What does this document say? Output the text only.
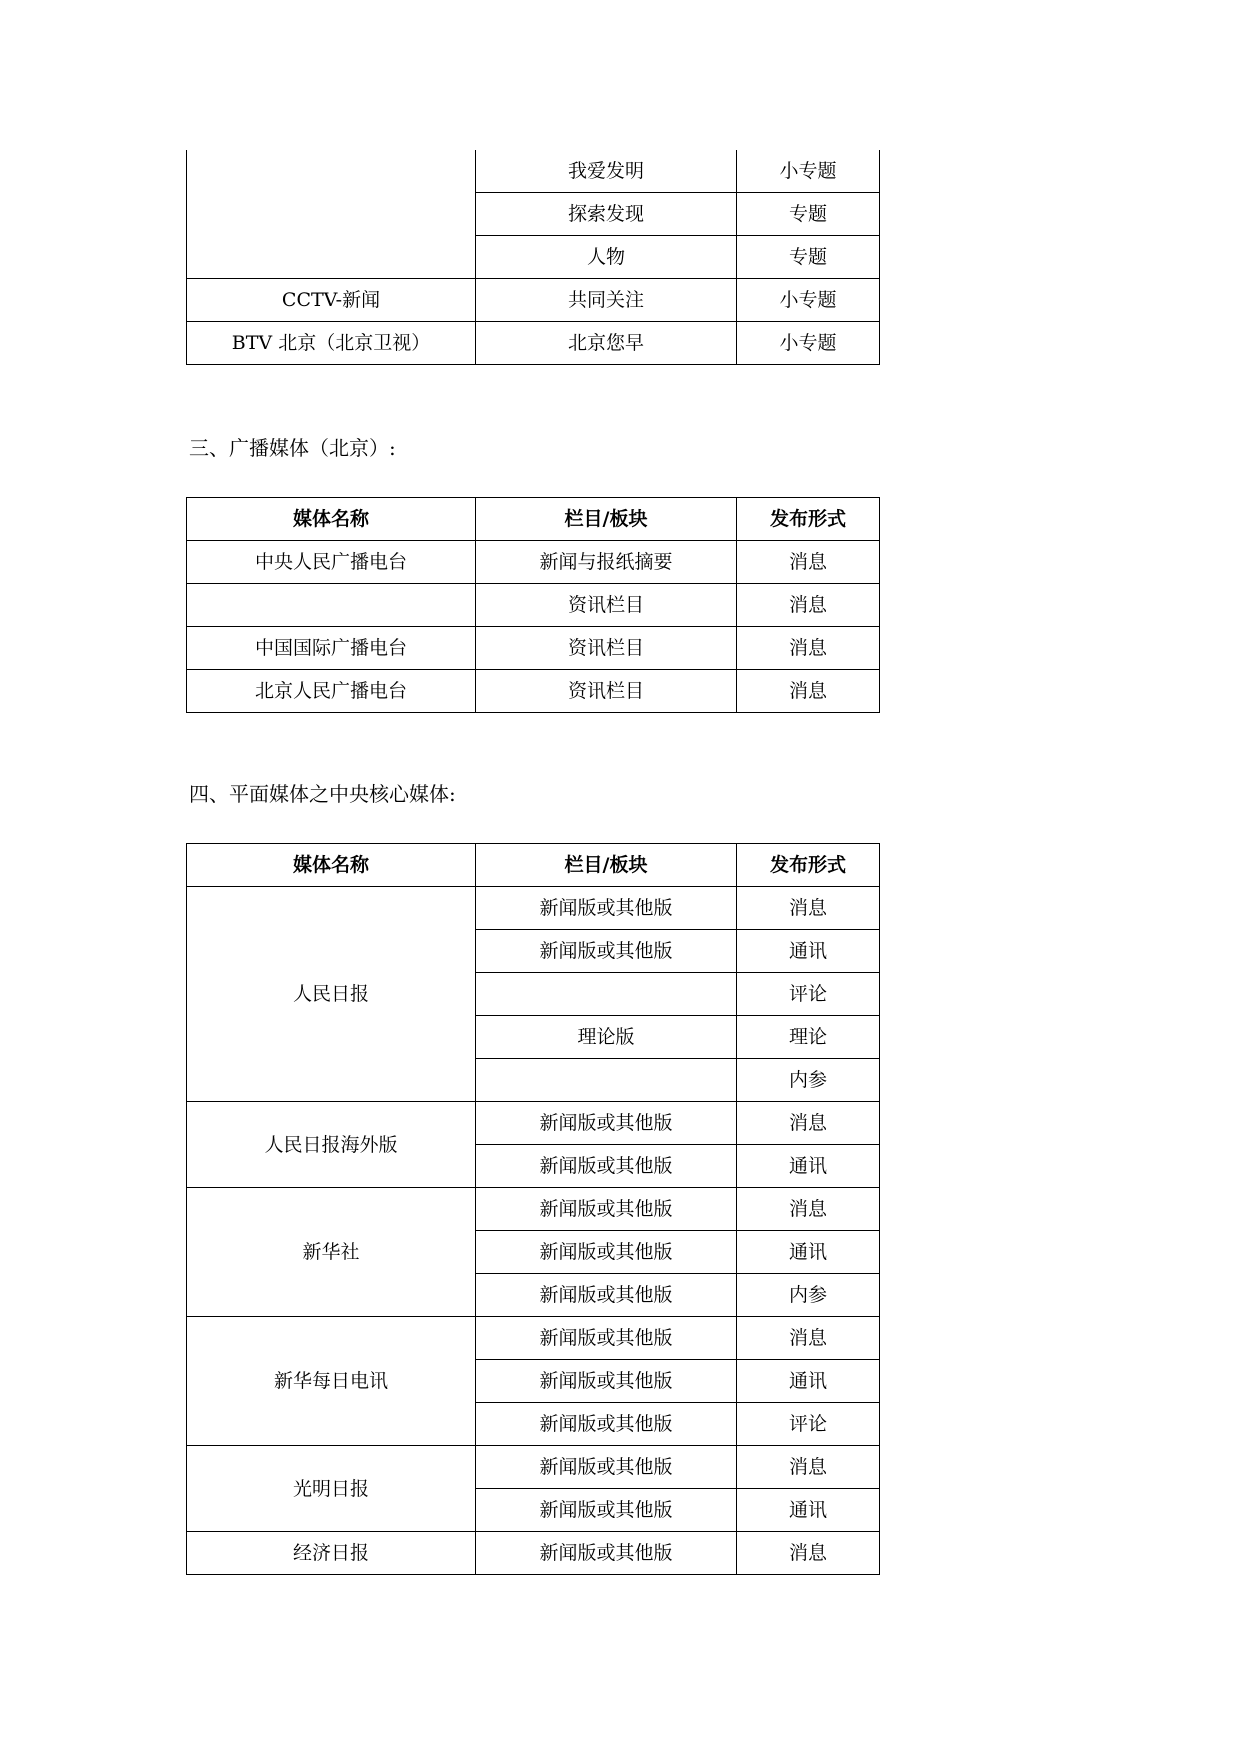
	我爱发明	小专题
	探索发现	专题
	人物	专题
CCTV-新闻	共同关注	小专题
BTV 北京（北京卫视）	北京您早	小专题
三、广播媒体（北京）:
媒体名称	栏目/板块	发布形式
中央人民广播电台	新闻与报纸摘要	消息
	资讯栏目	消息
中国国际广播电台	资讯栏目	消息
北京人民广播电台	资讯栏目	消息
四、平面媒体之中央核心媒体:
媒体名称	栏目/板块	发布形式
人民日报	新闻版或其他版	消息
	新闻版或其他版	通讯
		评论
	理论版	理论
		内参
人民日报海外版	新闻版或其他版	消息
	新闻版或其他版	通讯
新华社	新闻版或其他版	消息
	新闻版或其他版	通讯
	新闻版或其他版	内参
新华每日电讯	新闻版或其他版	消息
	新闻版或其他版	通讯
	新闻版或其他版	评论
光明日报	新闻版或其他版	消息
	新闻版或其他版	通讯
经济日报	新闻版或其他版	消息
